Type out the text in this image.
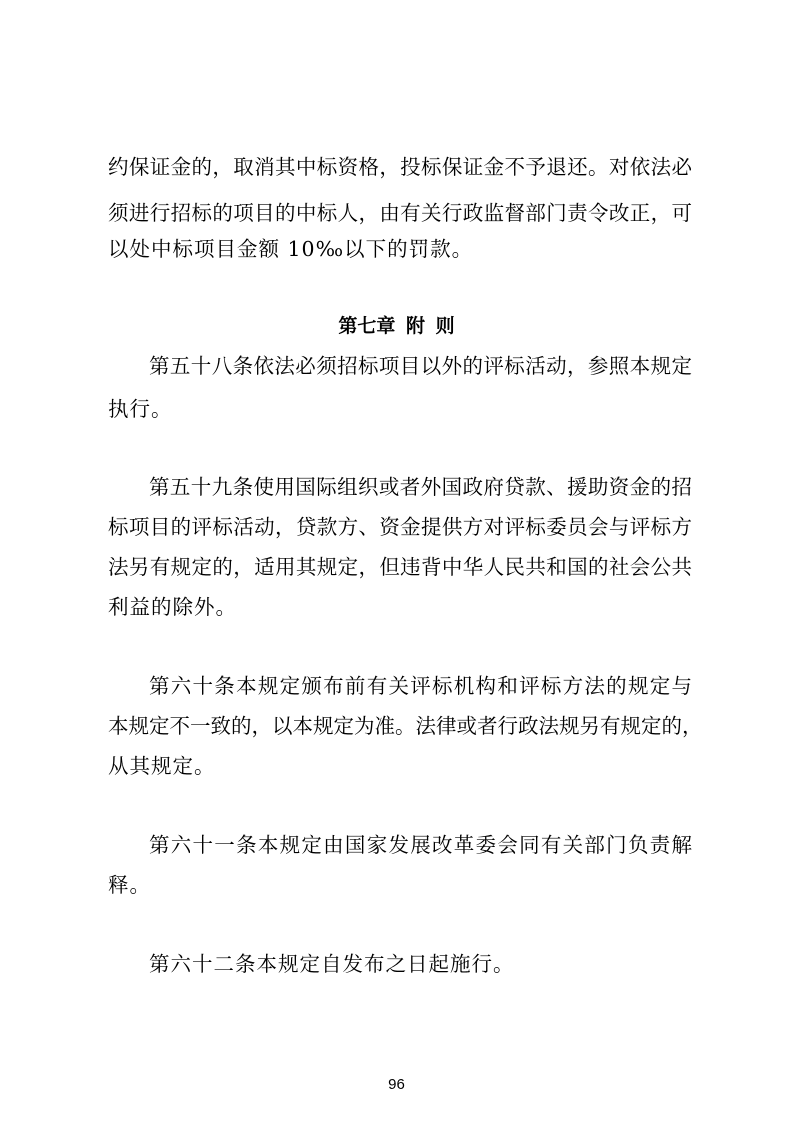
约保证金的，取消其中标资格，投标保证金不予退还。对依法必
须进行招标的项目的中标人，由有关行政监督部门责令改正，可
以处中标项目金额 10‰以下的罚款。
第七章 附 则
第五十八条依法必须招标项目以外的评标活动，参照本规定
执行。
第五十九条使用国际组织或者外国政府贷款、援助资金的招
标项目的评标活动，贷款方、资金提供方对评标委员会与评标方
法另有规定的，适用其规定，但违背中华人民共和国的社会公共
利益的除外。
第六十条本规定颁布前有关评标机构和评标方法的规定与
本规定不一致的，以本规定为准。法律或者行政法规另有规定的，
从其规定。
第六十一条本规定由国家发展改革委会同有关部门负责解
释。
第六十二条本规定自发布之日起施行。
96
